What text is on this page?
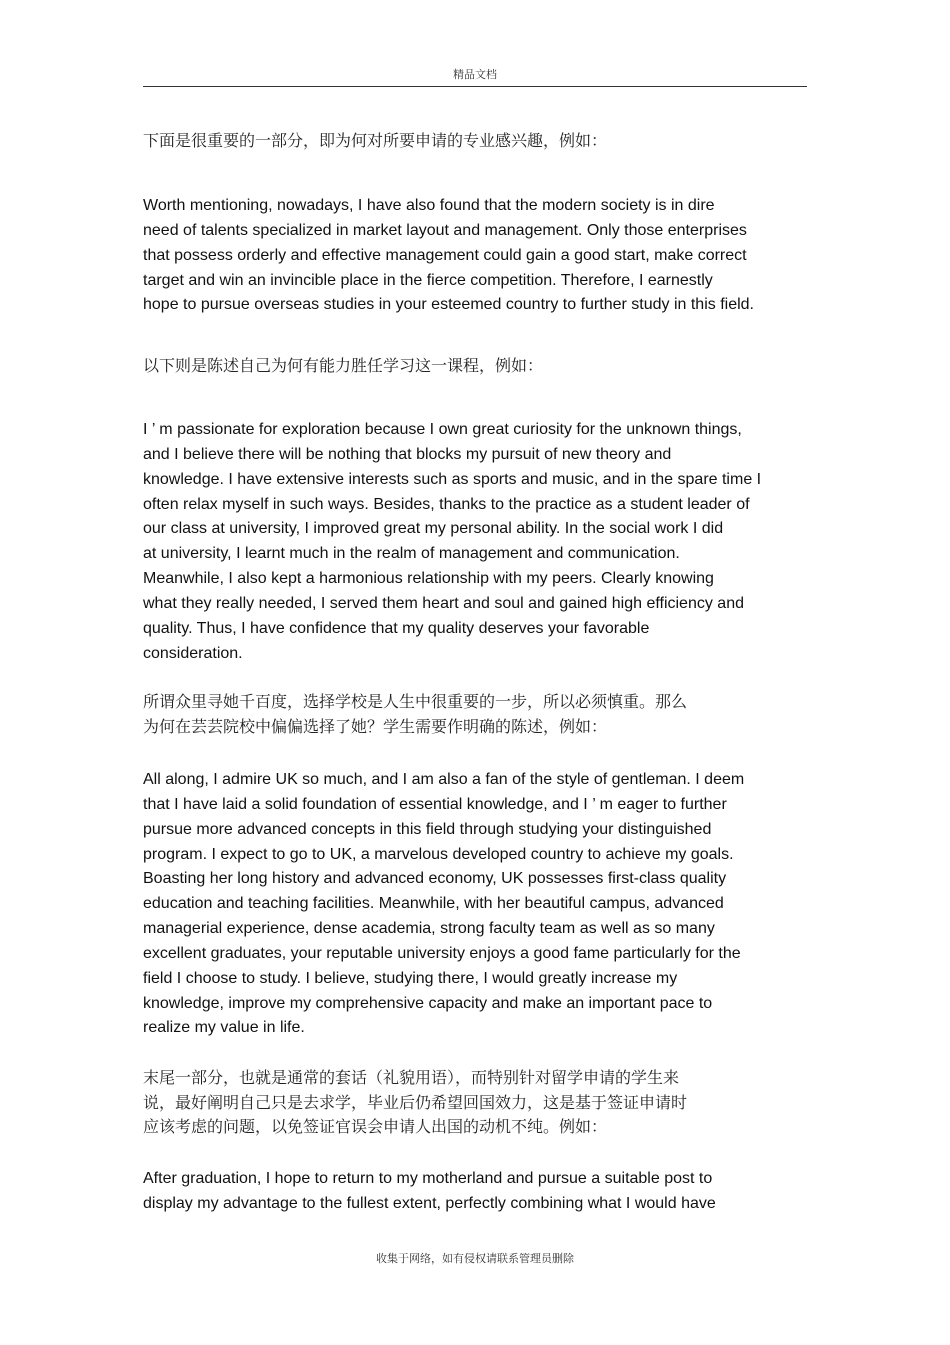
精品文档
下面是很重要的一部分，即为何对所要申请的专业感兴趣，例如：
Worth mentioning, nowadays, I have also found that the modern society is in dire
need of talents specialized in market layout and management. Only those enterprises
that possess orderly and effective management could gain a good start, make correct
target and win an invincible place in the fierce competition. Therefore, I earnestly
hope to pursue overseas studies in your esteemed country to further study in this field.
以下则是陈述自己为何有能力胜任学习这一课程，例如：
I ’ m passionate for exploration because I own great curiosity for the unknown things,
and I believe there will be nothing that blocks my pursuit of new theory and
knowledge. I have extensive interests such as sports and music, and in the spare time I
often relax myself in such ways. Besides, thanks to the practice as a student leader of
our class at university, I improved great my personal ability. In the social work I did
at university, I learnt much in the realm of management and communication.
Meanwhile, I also kept a harmonious relationship with my peers. Clearly knowing
what they really needed, I served them heart and soul and gained high efficiency and
quality. Thus, I have confidence that my quality deserves your favorable
consideration.
所谓众里寻她千百度，选择学校是人生中很重要的一步，所以必须慎重。那么
为何在芸芸院校中偏偏选择了她？学生需要作明确的陈述，例如：
All along, I admire UK so much, and I am also a fan of the style of gentleman. I deem
that I have laid a solid foundation of essential knowledge, and I ’ m eager to further
pursue more advanced concepts in this field through studying your distinguished
program. I expect to go to UK, a marvelous developed country to achieve my goals.
Boasting her long history and advanced economy, UK possesses first-class quality
education and teaching facilities. Meanwhile, with her beautiful campus, advanced
managerial experience, dense academia, strong faculty team as well as so many
excellent graduates, your reputable university enjoys a good fame particularly for the
field I choose to study. I believe, studying there, I would greatly increase my
knowledge, improve my comprehensive capacity and make an important pace to
realize my value in life.
末尾一部分，也就是通常的套话（礼貌用语），而特别针对留学申请的学生来
说，最好阐明自己只是去求学，毕业后仍希望回国效力，这是基于签证申请时
应该考虑的问题，以免签证官误会申请人出国的动机不纯。例如：
After graduation, I hope to return to my motherland and pursue a suitable post to
display my advantage to the fullest extent, perfectly combining what I would have
收集于网络，如有侵权请联系管理员删除
